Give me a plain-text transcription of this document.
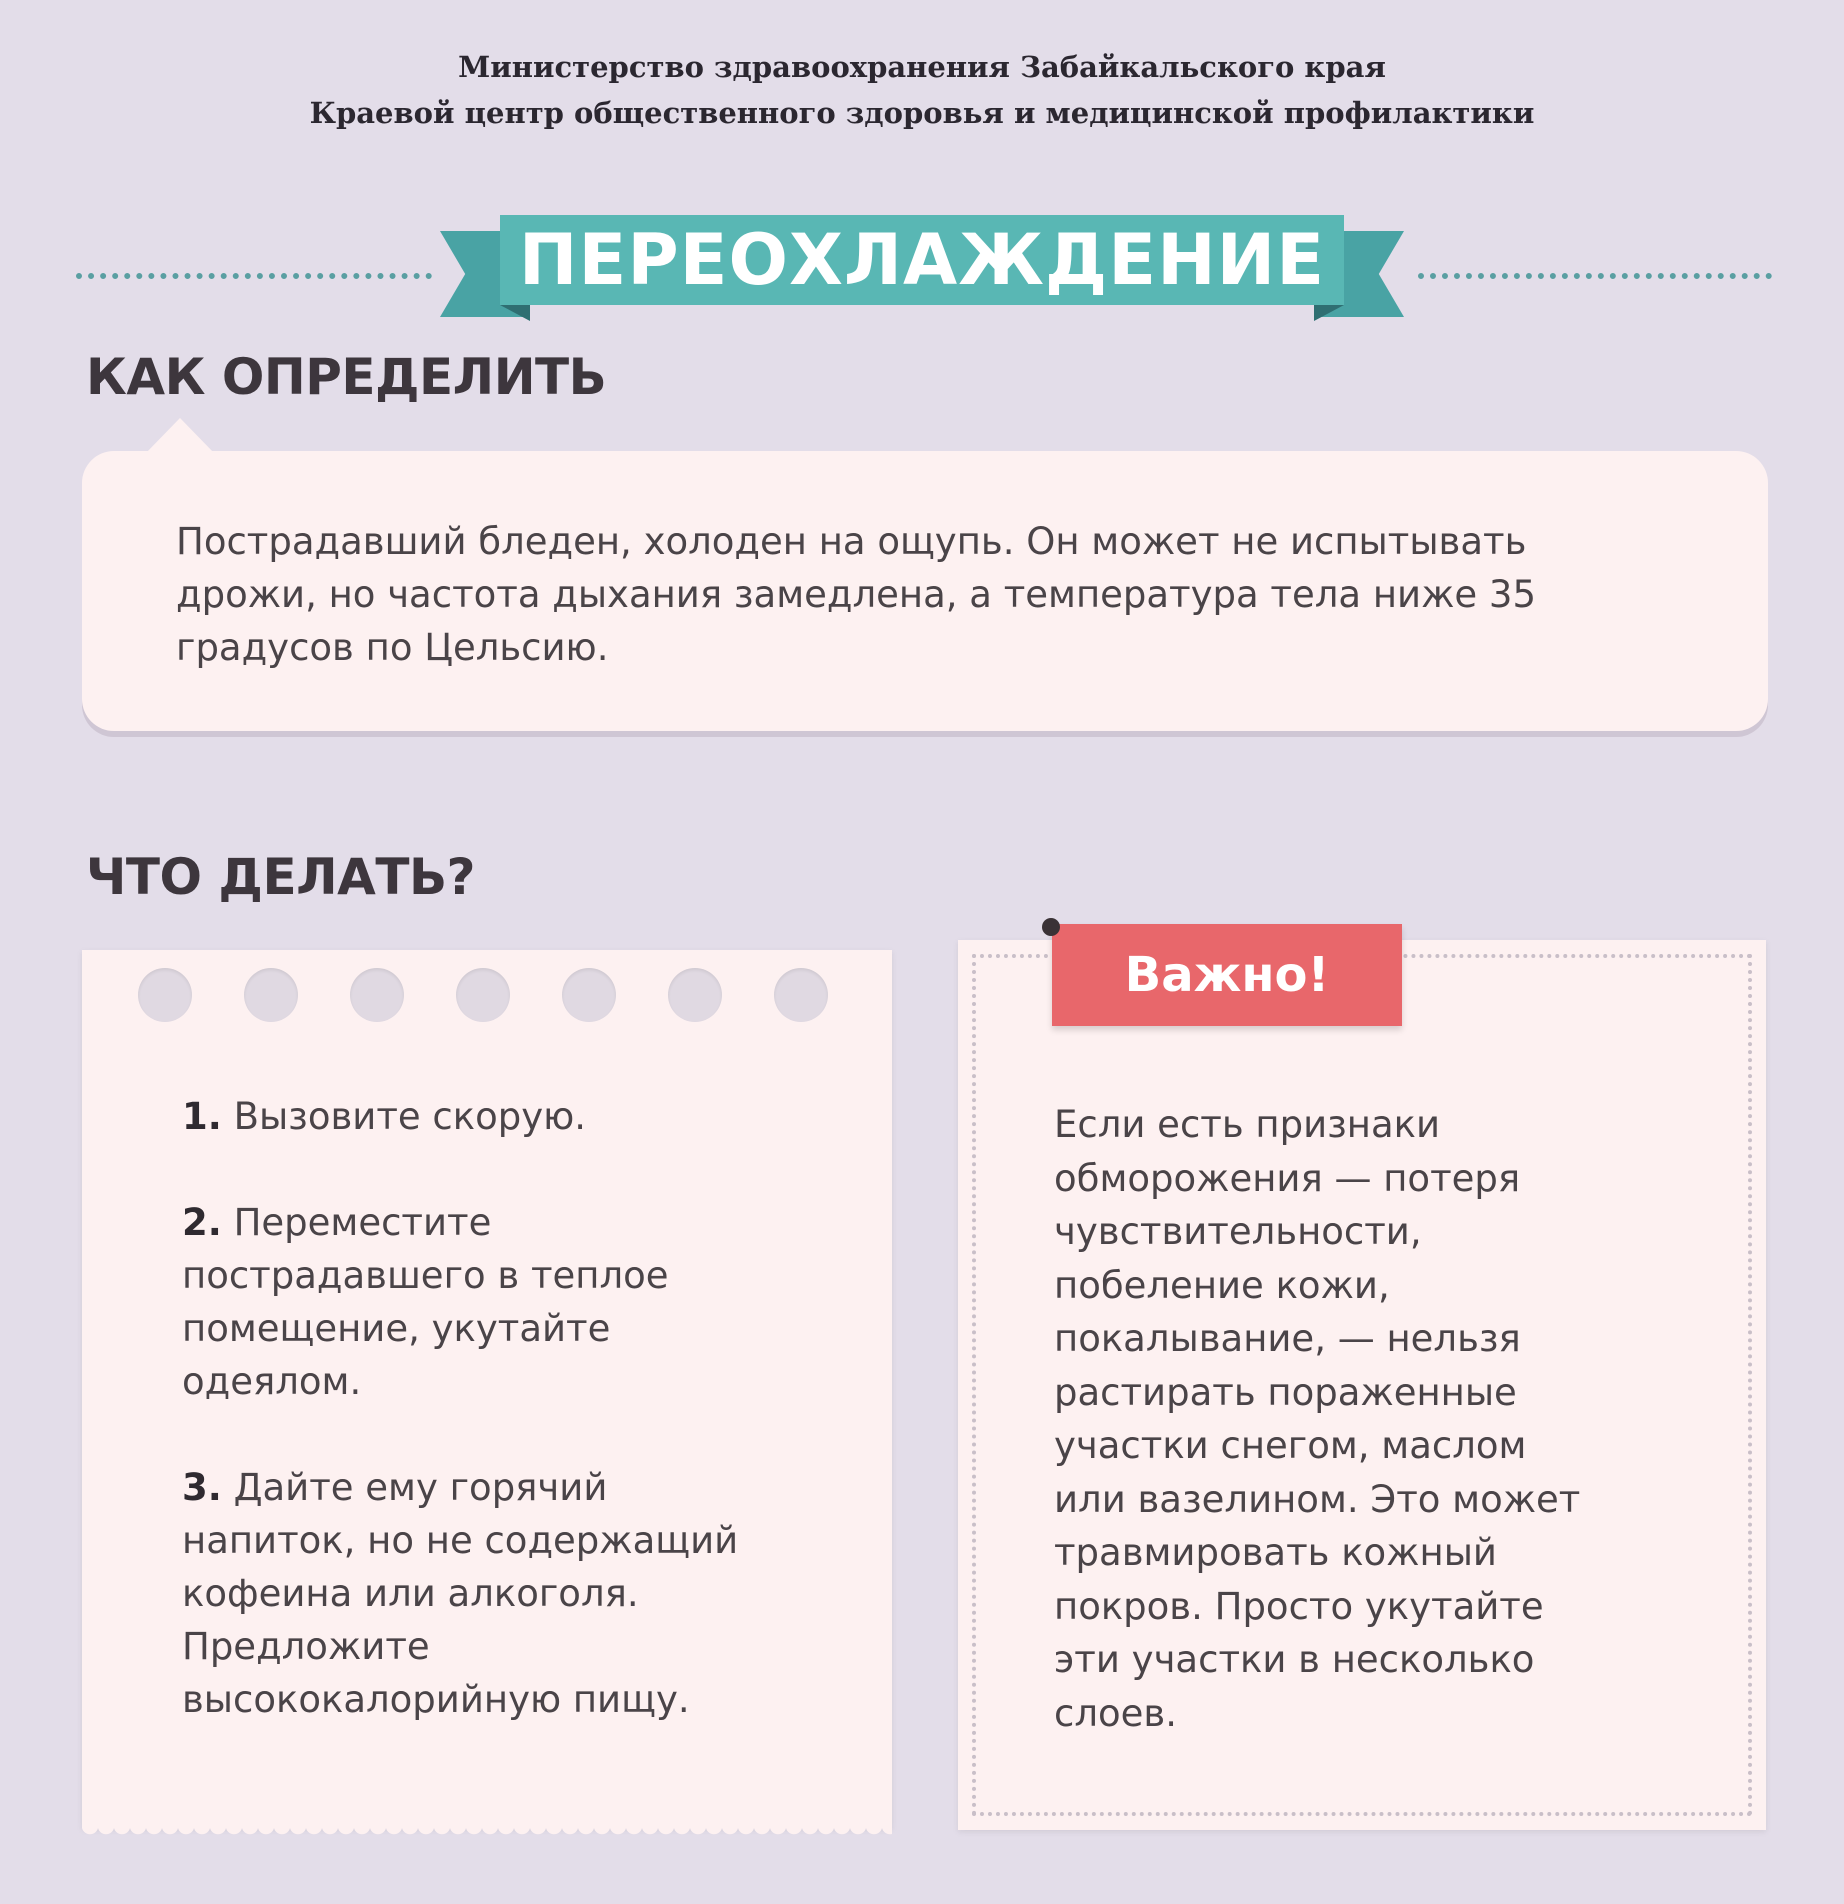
Министерство здравоохранения Забайкальского края
Краевой центр общественного здоровья и медицинской профилактики
ПЕРЕОХЛАЖДЕНИЕ
КАК ОПРЕДЕЛИТЬ
Пострадавший бледен, холоден на ощупь. Он может не испытывать
дрожи, но частота дыхания замедлена, а температура тела ниже 35
градусов по Цельсию.
ЧТО ДЕЛАТЬ?
1. Вызовите скорую.
2. Переместите
пострадавшего в теплое
помещение, укутайте
одеялом.
3. Дайте ему горячий
напиток, но не содержащий
кофеина или алкоголя.
Предложите
высококалорийную пищу.
Важно!
Если есть признаки
обморожения — потеря
чувствительности,
побеление кожи,
покалывание, — нельзя
растирать пораженные
участки снегом, маслом
или вазелином. Это может
травмировать кожный
покров. Просто укутайте
эти участки в несколько
слоев.
